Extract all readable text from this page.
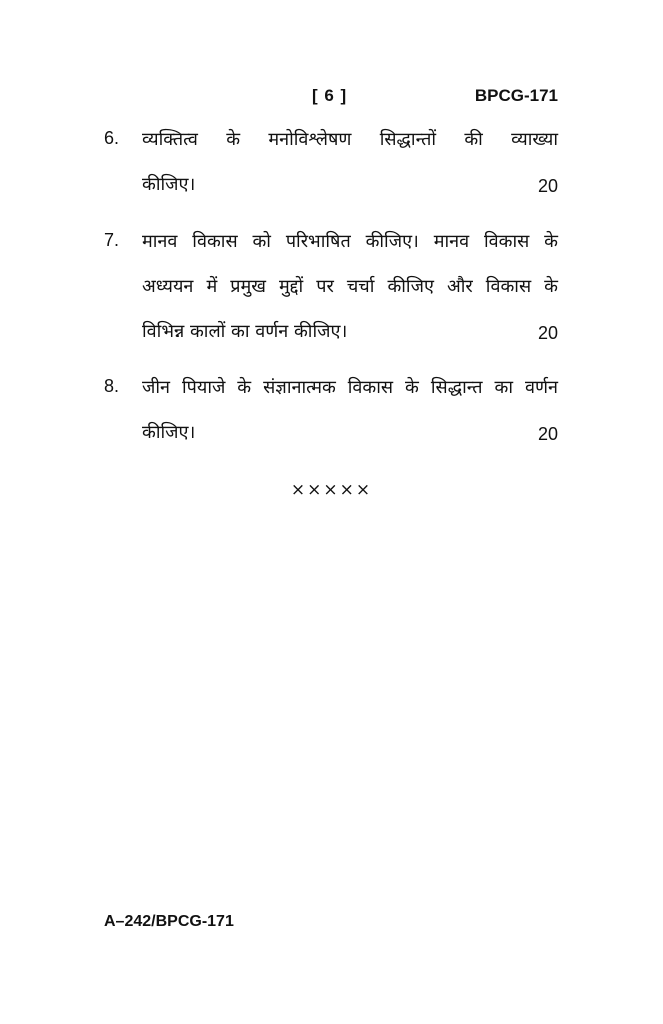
[ 6 ]	BPCG-171
6. व्यक्तित्व के मनोविश्लेषण सिद्धान्तों की व्याख्या
कीजिए।	20
7. मानव विकास को परिभाषित कीजिए। मानव विकास के
अध्ययन में प्रमुख मुद्दों पर चर्चा कीजिए और विकास के
विभिन्न कालों का वर्णन कीजिए।	20
8. जीन पियाजे के संज्ञानात्मक विकास के सिद्धान्त का वर्णन
कीजिए।	20
×××××
A–242/BPCG-171
